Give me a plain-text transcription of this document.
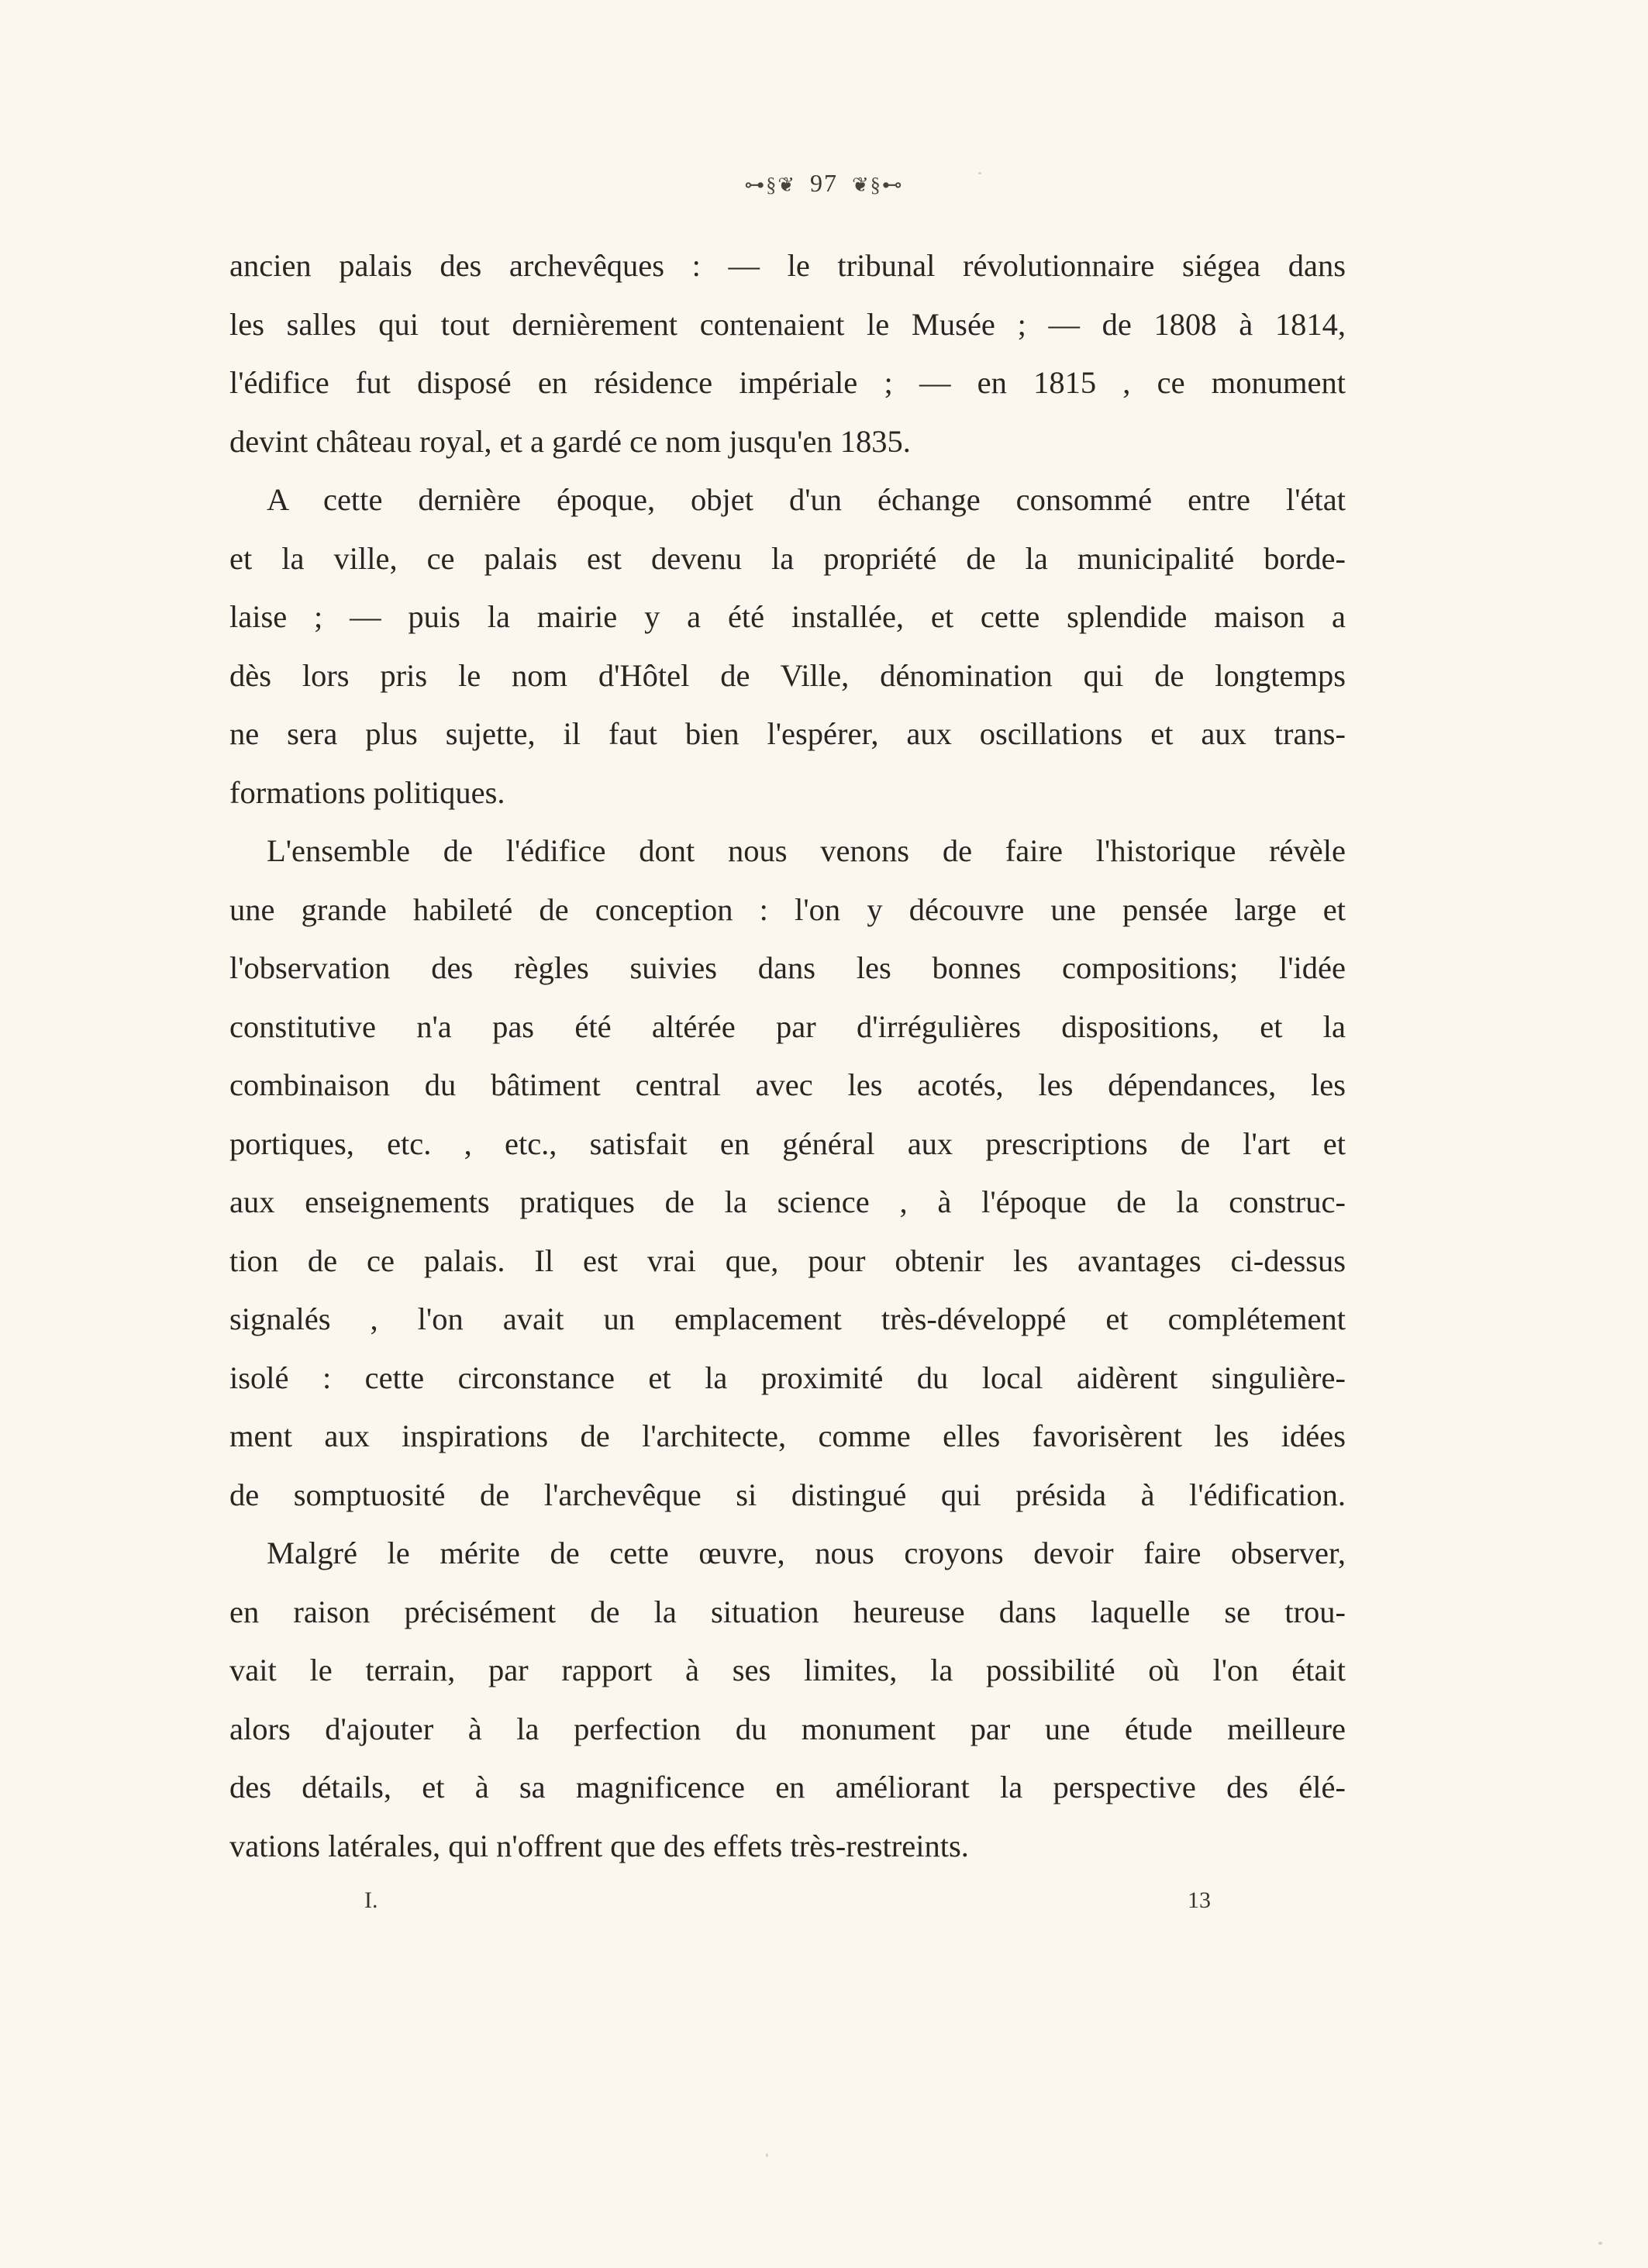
⊶§❦ 97 ❦§⊷
ancien palais des archevêques : — le tribunal révolutionnaire siégea dans
les salles qui tout dernièrement contenaient le Musée ; — de 1808 à 1814,
l'édifice fut disposé en résidence impériale ; — en 1815 , ce monument
devint château royal, et a gardé ce nom jusqu'en 1835.
A cette dernière époque, objet d'un échange consommé entre l'état
et la ville, ce palais est devenu la propriété de la municipalité borde-
laise ; — puis la mairie y a été installée, et cette splendide maison a
dès lors pris le nom d'Hôtel de Ville, dénomination qui de longtemps
ne sera plus sujette, il faut bien l'espérer, aux oscillations et aux trans-
formations politiques.
L'ensemble de l'édifice dont nous venons de faire l'historique révèle
une grande habileté de conception : l'on y découvre une pensée large et
l'observation des règles suivies dans les bonnes compositions; l'idée
constitutive n'a pas été altérée par d'irrégulières dispositions, et la
combinaison du bâtiment central avec les acotés, les dépendances, les
portiques, etc. , etc., satisfait en général aux prescriptions de l'art et
aux enseignements pratiques de la science , à l'époque de la construc-
tion de ce palais. Il est vrai que, pour obtenir les avantages ci-dessus
signalés , l'on avait un emplacement très-développé et complétement
isolé : cette circonstance et la proximité du local aidèrent singulière-
ment aux inspirations de l'architecte, comme elles favorisèrent les idées
de somptuosité de l'archevêque si distingué qui présida à l'édification.
Malgré le mérite de cette œuvre, nous croyons devoir faire observer,
en raison précisément de la situation heureuse dans laquelle se trou-
vait le terrain, par rapport à ses limites, la possibilité où l'on était
alors d'ajouter à la perfection du monument par une étude meilleure
des détails, et à sa magnificence en améliorant la perspective des élé-
vations latérales, qui n'offrent que des effets très-restreints.
I.	13
